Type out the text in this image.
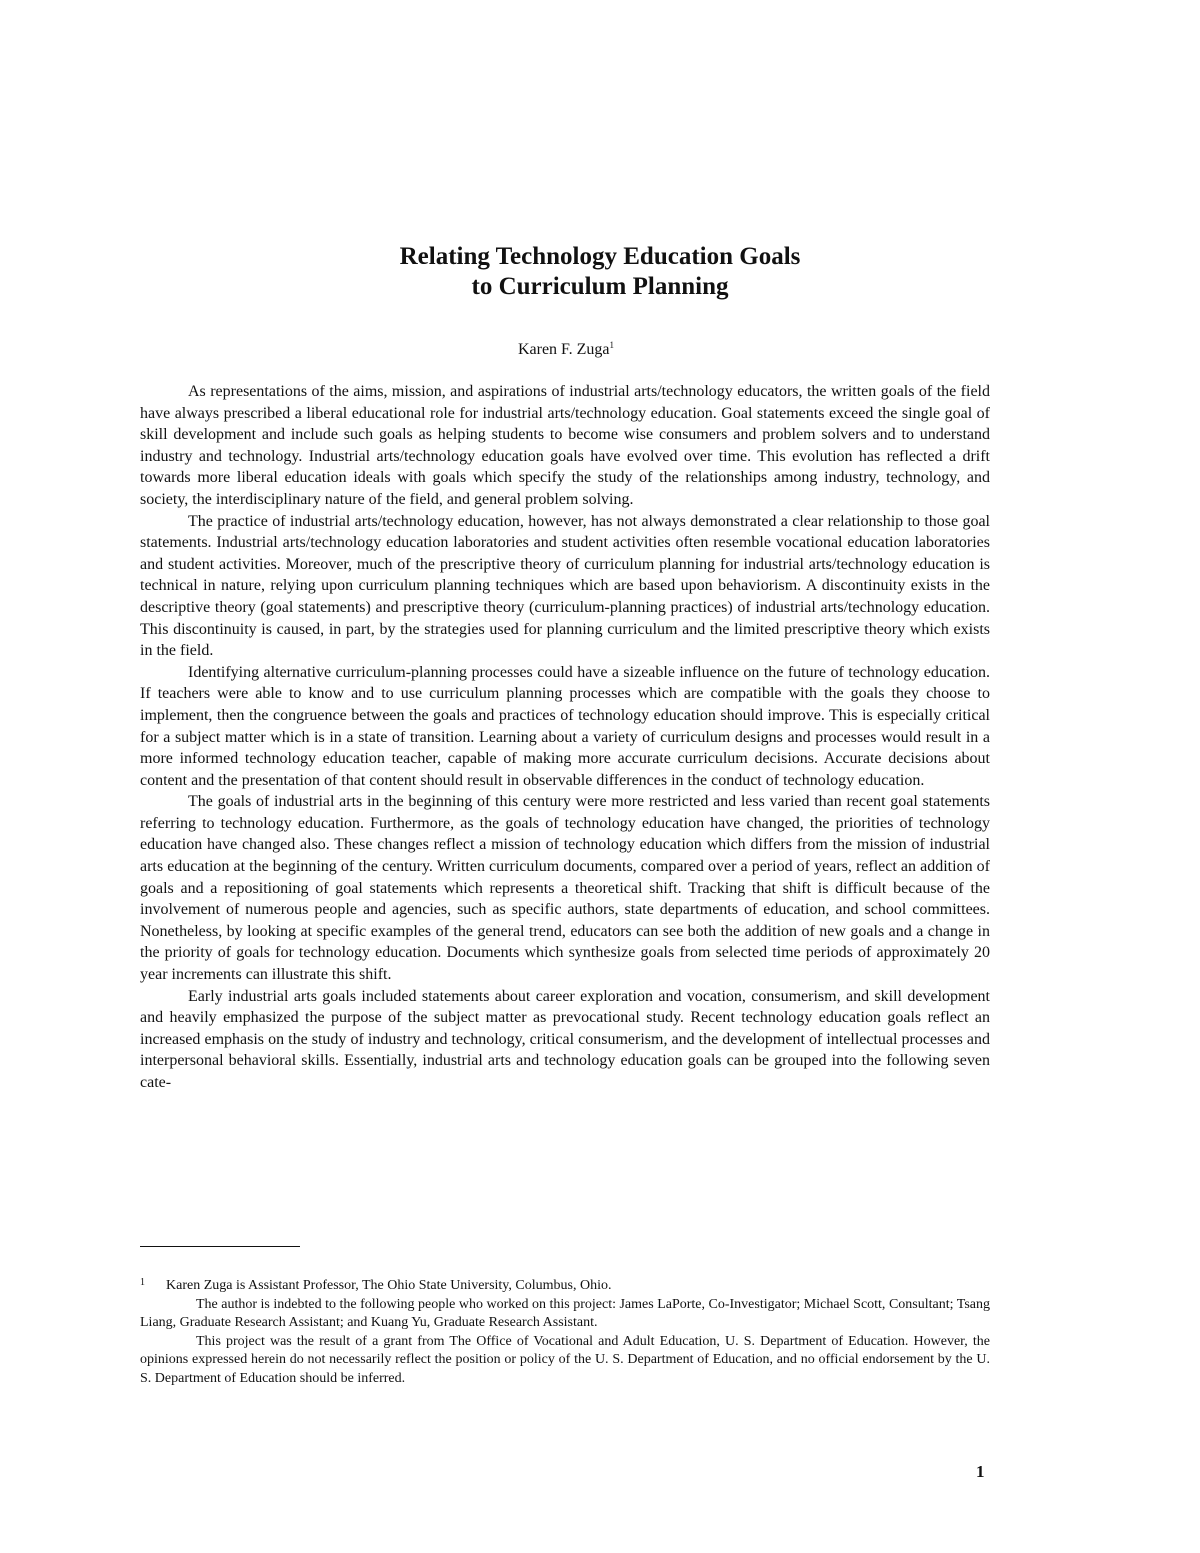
Relating Technology Education Goals
to Curriculum Planning
Karen F. Zuga$^1$

As representations of the aims, mission, and aspirations of industrial arts/technology educators, the written goals of the field have always prescribed a liberal educational role for industrial arts/technology education. Goal statements exceed the single goal of skill development and include such goals as helping students to become wise consumers and problem solvers and to understand industry and technology. Industrial arts/technology education goals have evolved over time. This evolution has reflected a drift towards more liberal education ideals with goals which specify the study of the relationships among industry, technology, and society, the interdisciplinary nature of the field, and general problem solving.

The practice of industrial arts/technology education, however, has not always demonstrated a clear relationship to those goal statements. Industrial arts/technology education laboratories and student activities often resemble vocational education laboratories and student activities. Moreover, much of the prescriptive theory of curriculum planning for industrial arts/technology education is technical in nature, relying upon curriculum planning techniques which are based upon behaviorism. A discontinuity exists in the descriptive theory (goal statements) and prescriptive theory (curriculum-planning practices) of industrial arts/technology education. This discontinuity is caused, in part, by the strategies used for planning curriculum and the limited prescriptive theory which exists in the field.

Identifying alternative curriculum-planning processes could have a sizeable influence on the future of technology education. If teachers were able to know and to use curriculum planning processes which are compatible with the goals they choose to implement, then the congruence between the goals and practices of technology education should improve. This is especially critical for a subject matter which is in a state of transition. Learning about a variety of curriculum designs and processes would result in a more informed technology education teacher, capable of making more accurate curriculum decisions. Accurate decisions about content and the presentation of that content should result in observable differences in the conduct of technology education.

The goals of industrial arts in the beginning of this century were more restricted and less varied than recent goal statements referring to technology education. Furthermore, as the goals of technology education have changed, the priorities of technology education have changed also. These changes reflect a mission of technology education which differs from the mission of industrial arts education at the beginning of the century. Written curriculum documents, compared over a period of years, reflect an addition of goals and a repositioning of goal statements which represents a theoretical shift. Tracking that shift is difficult because of the involvement of numerous people and agencies, such as specific authors, state departments of education, and school committees. Nonetheless, by looking at specific examples of the general trend, educators can see both the addition of new goals and a change in the priority of goals for technology education. Documents which synthesize goals from selected time periods of approximately 20 year increments can illustrate this shift.

Early industrial arts goals included statements about career exploration and vocation, consumerism, and skill development and heavily emphasized the purpose of the subject matter as prevocational study. Recent technology education goals reflect an increased emphasis on the study of industry and technology, critical consumerism, and the development of intellectual processes and interpersonal behavioral skills. Essentially, industrial arts and technology education goals can be grouped into the following seven cate-

1 Karen Zuga is Assistant Professor, The Ohio State University, Columbus, Ohio.

The author is indebted to the following people who worked on this project: James LaPorte, Co-Investigator; Michael Scott, Consultant; Tsang Liang, Graduate Research Assistant; and Kuang Yu, Graduate Research Assistant.

This project was the result of a grant from The Office of Vocational and Adult Education, U. S. Department of Education. However, the opinions expressed herein do not necessarily reflect the position or policy of the U. S. Department of Education, and no official endorsement by the U. S. Department of Education should be inferred.

1
